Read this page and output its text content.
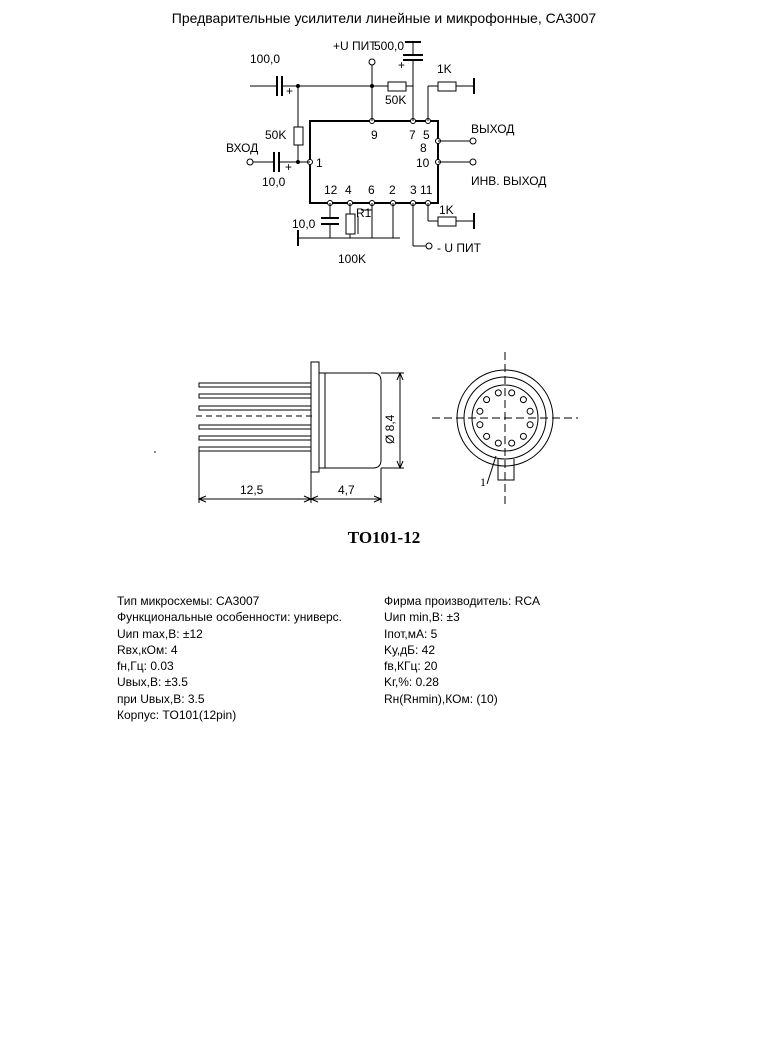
Предварительные усилители линейные и микрофонные, CA3007
+U ПИТ
500,0
+
100,0
+
1K
50K
50K	9	7 5
8
10
1
ВЫХОД
ИНВ. ВЫХОД
ВХОД
+
10,0
12 4 6 2 3 11
R1
10,0
1K
100K
- U ПИТ
12,5	4,7
Ø 8,4
1
TO101-12
Тип микросхемы: CA3007
Функциональные особенности: универс.
Uип max,B: ±12
Rвх,кОм: 4
fн,Гц: 0.03
Uвых,B: ±3.5
при Uвых,B: 3.5
Корпус: TO101(12pin)
Фирма производитель: RCA
Uип min,B: ±3
Iпот,мA: 5
Kу,дБ: 42
fв,КГц: 20
Kг,%: 0.28
Rн(Rнmin),КОм: (10)
